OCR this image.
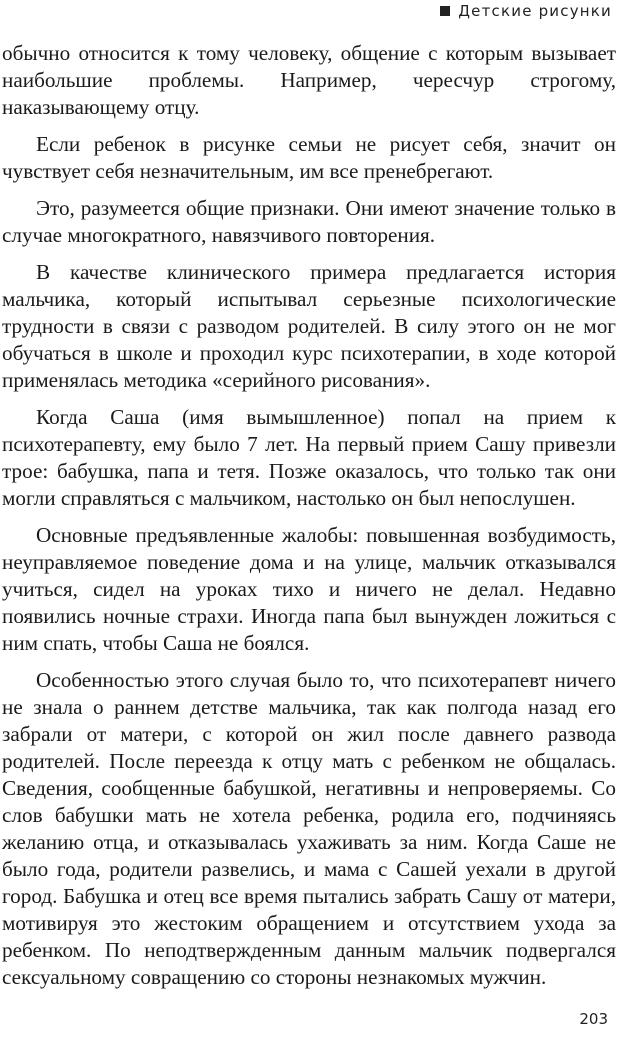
Детские рисунки

обычно относится к тому человеку, общение с которым вызывает наибольшие проблемы. Например, чересчур строгому, наказывающему отцу.

Если ребенок в рисунке семьи не рисует себя, значит он чувствует себя незначительным, им все пренебрегают.

Это, разумеется общие признаки. Они имеют значение только в случае многократного, навязчивого повторения.

В качестве клинического примера предлагается история мальчика, который испытывал серьезные психологические трудности в связи с разводом родителей. В силу этого он не мог обучаться в школе и проходил курс психотерапии, в ходе которой применялась методика «серийного рисования».

Когда Саша (имя вымышленное) попал на прием к психотерапевту, ему было 7 лет. На первый прием Сашу привезли трое: бабушка, папа и тетя. Позже оказалось, что только так они могли справляться с мальчиком, настолько он был непослушен.

Основные предъявленные жалобы: повышенная возбудимость, неуправляемое поведение дома и на улице, мальчик отказывался учиться, сидел на уроках тихо и ничего не делал. Недавно появились ночные страхи. Иногда папа был вынужден ложиться с ним спать, чтобы Саша не боялся.

Особенностью этого случая было то, что психотерапевт ничего не знала о раннем детстве мальчика, так как полгода назад его забрали от матери, с которой он жил после давнего развода родителей. После переезда к отцу мать с ребенком не общалась. Сведения, сообщенные бабушкой, негативны и непроверяемы. Со слов бабушки мать не хотела ребенка, родила его, подчиняясь желанию отца, и отказывалась ухаживать за ним. Когда Саше не было года, родители развелись, и мама с Сашей уехали в другой город. Бабушка и отец все время пытались забрать Сашу от матери, мотивируя это жестоким обращением и отсутствием ухода за ребенком. По неподтвержденным данным мальчик подвергался сексуальному совращению со стороны незнакомых мужчин.

203
